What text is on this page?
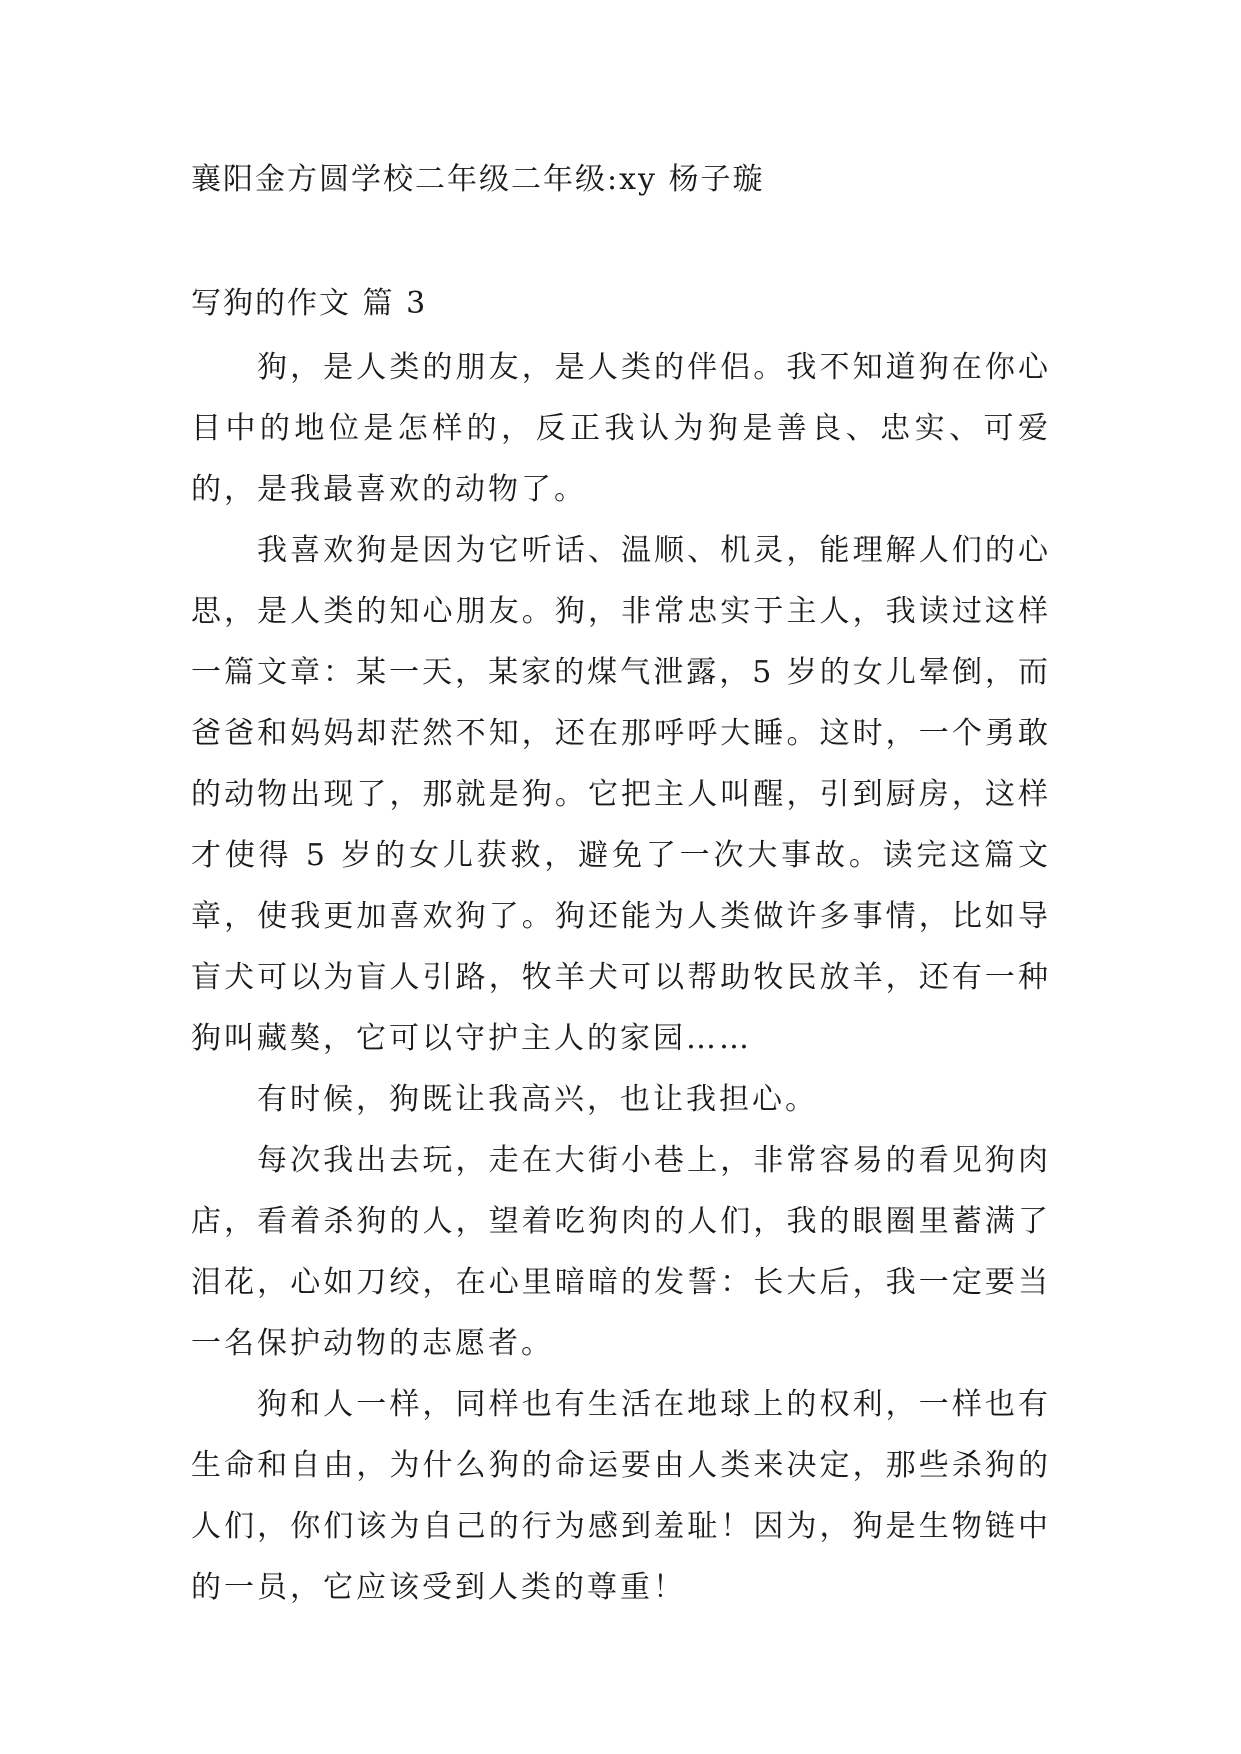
襄阳金方圆学校二年级二年级:xy 杨子璇
写狗的作文 篇 3

狗，是人类的朋友，是人类的伴侣。我不知道狗在你心目中的地位是怎样的，反正我认为狗是善良、忠实、可爱的，是我最喜欢的动物了。

我喜欢狗是因为它听话、温顺、机灵，能理解人们的心思，是人类的知心朋友。狗，非常忠实于主人，我读过这样一篇文章：某一天，某家的煤气泄露，5 岁的女儿晕倒，而爸爸和妈妈却茫然不知，还在那呼呼大睡。这时，一个勇敢的动物出现了，那就是狗。它把主人叫醒，引到厨房，这样才使得 5 岁的女儿获救，避免了一次大事故。读完这篇文章，使我更加喜欢狗了。狗还能为人类做许多事情，比如导盲犬可以为盲人引路，牧羊犬可以帮助牧民放羊，还有一种狗叫藏獒，它可以守护主人的家园……

有时候，狗既让我高兴，也让我担心。

每次我出去玩，走在大街小巷上，非常容易的看见狗肉店，看着杀狗的人，望着吃狗肉的人们，我的眼圈里蓄满了泪花，心如刀绞，在心里暗暗的发誓：长大后，我一定要当一名保护动物的志愿者。

狗和人一样，同样也有生活在地球上的权利，一样也有生命和自由，为什么狗的命运要由人类来决定，那些杀狗的人们，你们该为自己的行为感到羞耻！因为，狗是生物链中的一员，它应该受到人类的尊重！
